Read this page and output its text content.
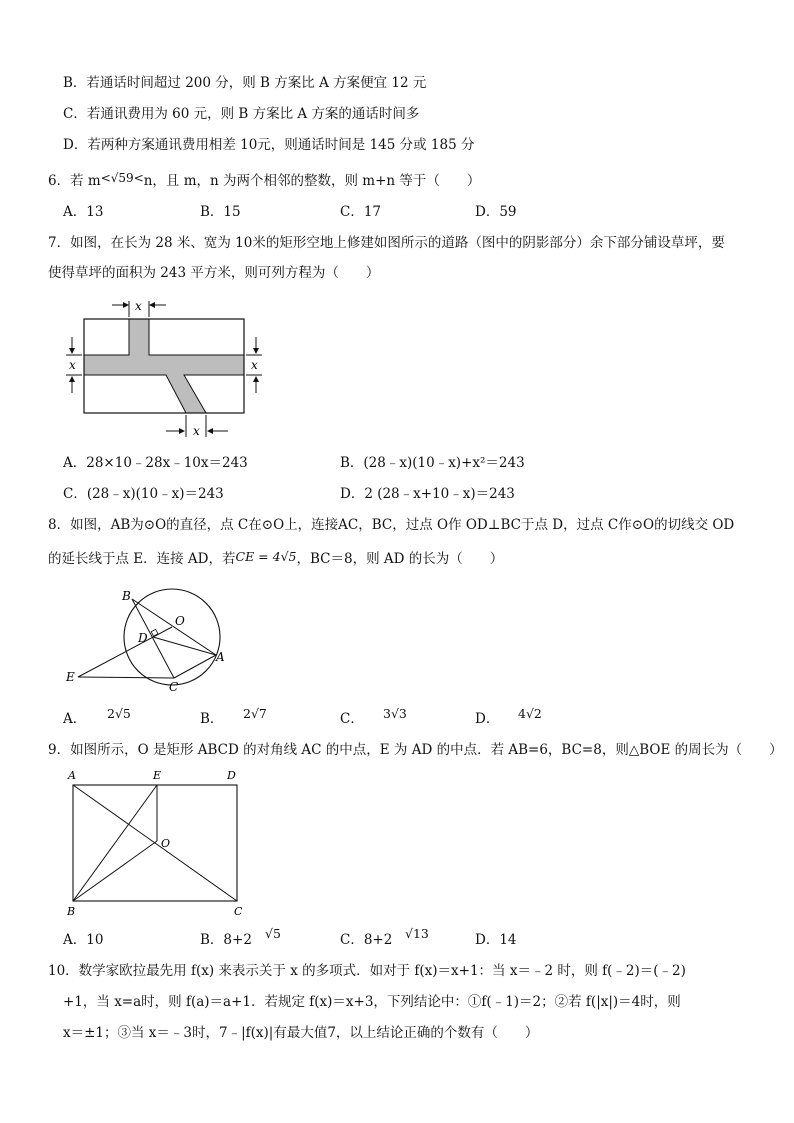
B．若通话时间超过 200 分，则 B 方案比 A 方案便宜 12 元
C．若通讯费用为 60 元，则 B 方案比 A 方案的通话时间多
D．若两种方案通讯费用相差 10元，则通话时间是 145 分或 185 分
6．若 m<√59<n，且 m，n 为两个相邻的整数，则 m+n 等于（　　）
A．13	B．15	C．17	D．59
7．如图，在长为 28 米、宽为 10米的矩形空地上修建如图所示的道路（图中的阴影部分）余下部分铺设草坪，要
使得草坪的面积为 243 平方米，则可列方程为（　　）
x
x	x
x
A．28×10﹣28x﹣10x＝243	B．(28﹣x)(10﹣x)+x²＝243
C．(28﹣x)(10﹣x)＝243	D．2 (28﹣x+10﹣x)＝243
8．如图，AB为⊙O的直径，点 C在⊙O上，连接AC，BC，过点 O作 OD⊥BC于点 D，过点 C作⊙O的切线交 OD
的延长线于点 E．连接 AD，若CE = 4√5，BC＝8，则 AD 的长为（　　）
B
O
D
A
E
C
A． 2√5	B． 2√7	C． 3√3	D． 4√2
9．如图所示，O 是矩形 ABCD 的对角线 AC 的中点，E 为 AD 的中点．若 AB=6，BC=8，则△BOE 的周长为（　　）
A	E	D
O
B	C
A．10	B．8+2 √5	C．8+2 √13	D．14
10．数学家欧拉最先用 f(x) 来表示关于 x 的多项式．如对于 f(x)＝x+1：当 x＝﹣2 时，则 f(﹣2)＝(﹣2)
+1，当 x=a时，则 f(a)＝a+1．若规定 f(x)＝x+3，下列结论中：①f(﹣1)＝2；②若 f(|x|)＝4时，则
x＝±1；③当 x＝﹣3时，7﹣|f(x)|有最大值7，以上结论正确的个数有（　　）
